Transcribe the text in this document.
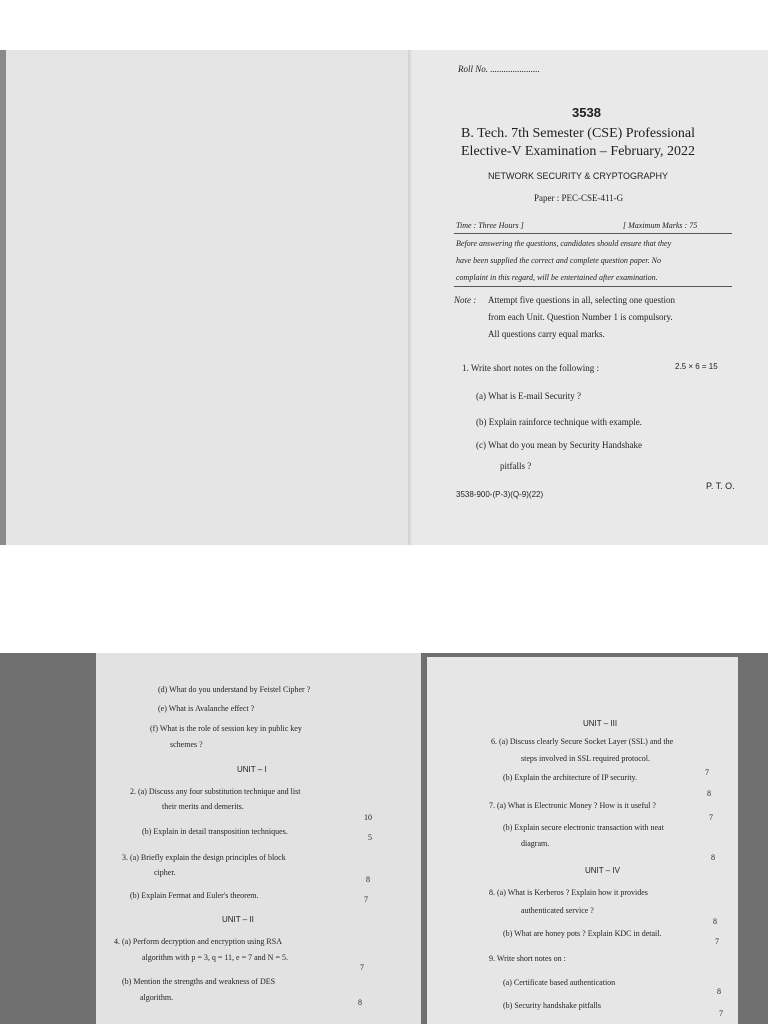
Roll No. ......................
3538
B. Tech. 7th Semester (CSE) Professional
Elective-V Examination – February, 2022
NETWORK SECURITY & CRYPTOGRAPHY
Paper : PEC-CSE-411-G
Time : Three Hours ]	[ Maximum Marks : 75
Before answering the questions, candidates should ensure that they
have been supplied the correct and complete question paper. No
complaint in this regard, will be entertained after examination.
Note : Attempt five questions in all, selecting one question
from each Unit. Question Number 1 is compulsory.
All questions carry equal marks.
1. Write short notes on the following :	2.5 × 6 = 15
(a) What is E-mail Security ?
(b) Explain rainforce technique with example.
(c) What do you mean by Security Handshake
pitfalls ?
3538-900-(P-3)(Q-9)(22)
P. T. O.
(d) What do you understand by Feistel Cipher ?
(e) What is Avalanche effect ?
(f) What is the role of session key in public key
schemes ?
UNIT – I
2. (a) Discuss any four substitution technique and list
their merits and demerits.
10
(b) Explain in detail transposition techniques.
5
3. (a) Briefly explain the design principles of block
cipher.
8
(b) Explain Fermat and Euler's theorem.	7
UNIT – II
4. (a) Perform decryption and encryption using RSA
algorithm with p = 3, q = 11, e = 7 and N = 5.
7
(b) Mention the strengths and weakness of DES
algorithm.
8
UNIT – III
6. (a) Discuss clearly Secure Socket Layer (SSL) and the
steps involved in SSL required protocol.
7
(b) Explain the architecture of IP security.
8
7. (a) What is Electronic Money ? How is it useful ?
7
(b) Explain secure electronic transaction with neat
diagram.
8
UNIT – IV
8. (a) What is Kerberos ? Explain how it provides
authenticated service ?
8
(b) What are honey pots ? Explain KDC in detail.
7
9. Write short notes on :
(a) Certificate based authentication
8
(b) Security handshake pitfalls
7
